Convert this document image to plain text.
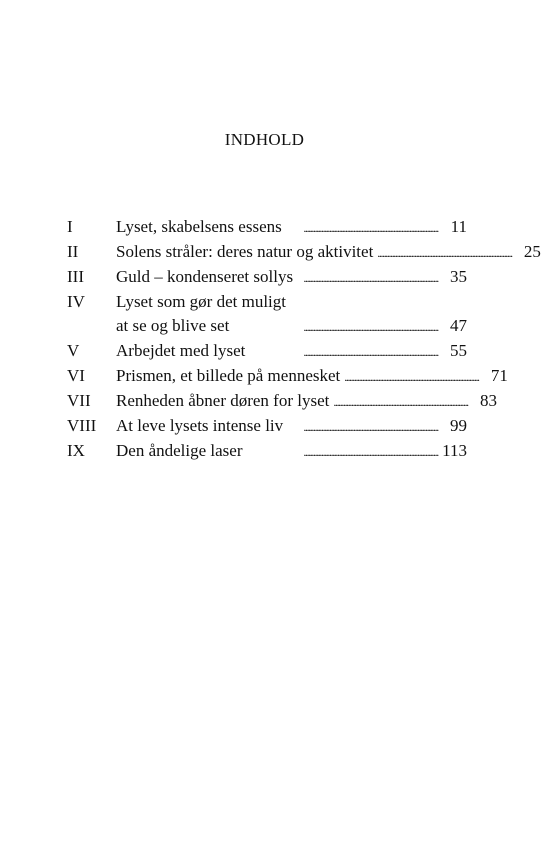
INDHOLD
I	Lyset, skabelsens essens . . .	11
II	Solens stråler: deres natur og aktivitet . . .	25
III	Guld – kondenseret sollys . . .	35
IV	Lyset som gør det muligt
at se og blive set . . .	47
V	Arbejdet med lyset . . .	55
VI	Prismen, et billede på mennesket . . .	71
VII	Renheden åbner døren for lyset . . .	83
VIII	At leve lysets intense liv . . .	99
IX	Den åndelige laser . . .	113
